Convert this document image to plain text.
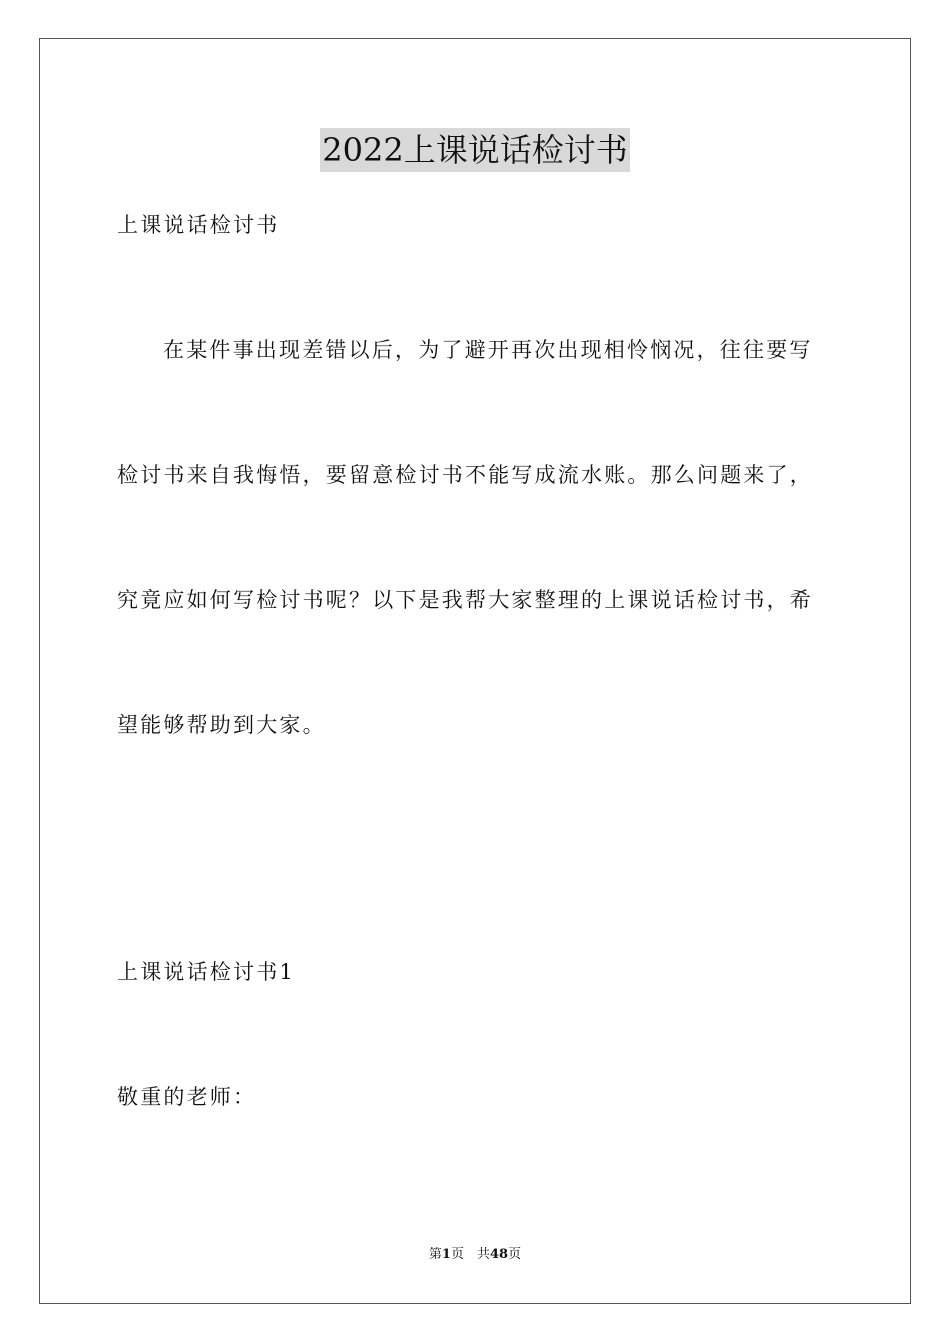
2022上课说话检讨书
上课说话检讨书
在某件事出现差错以后，为了避开再次出现相怜悯况，往往要写
检讨书来自我悔悟，要留意检讨书不能写成流水账。那么问题来了，
究竟应如何写检讨书呢？以下是我帮大家整理的上课说话检讨书，希
望能够帮助到大家。
上课说话检讨书1
敬重的老师：
第1页　共48页
